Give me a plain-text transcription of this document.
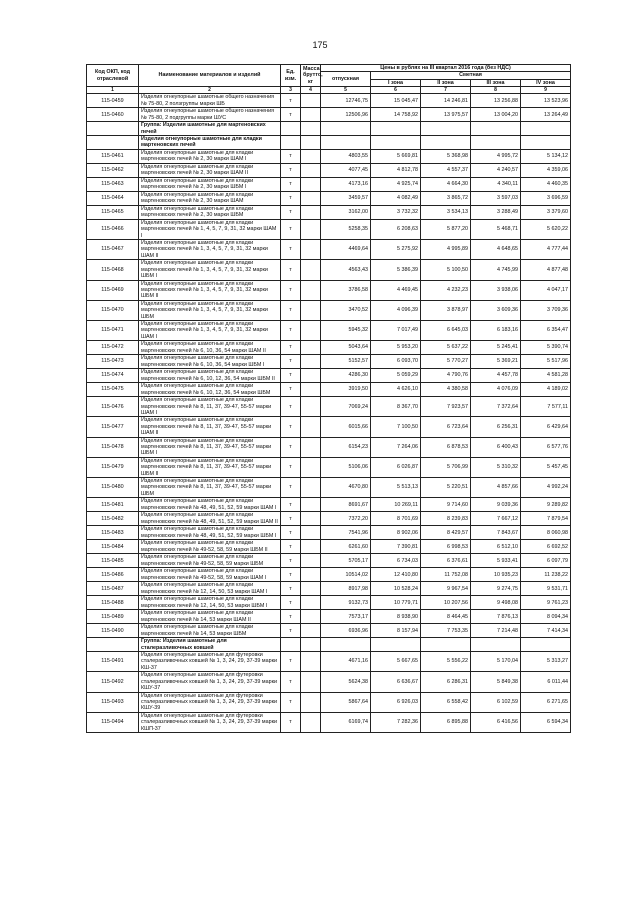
175
Код ОКП, код отраслевой	Наименование материалов и изделий	Ед. изм.	Масса брутто, кг	Цены в рублях на III квартал 2016 года (без НДС)				
				отпускная	Сметная			
					I зона	II зона	III зона	IV зона
1	2	3	4	5	6	7	8	9
115-0459	Изделия огнеупорные шамотные общего назначения № 75-80, 2 ползгруппы марки ШБ	т		12746,75	15 045,47	14 246,81	13 256,88	13 523,96
115-0460	Изделия огнеупорные шамотные общего назначения № 75-80, 2 подгруппы марки ШУС	т		12506,96	14 758,92	13 975,57	13 004,20	13 264,49
	Группа: Изделия шамотные для мартеновских печей							
	Изделия огнеупорные шамотные для кладки мартеновских печей							
115-0461	Изделия огнеупорные шамотные для кладки мартеновских печей № 2, 30 марки ШАМ I	т		4803,55	5 669,81	5 368,98	4 995,72	5 134,12
115-0462	Изделия огнеупорные шамотные для кладки мартеновских печей № 2, 30 марки ШАМ II	т		4077,45	4 812,78	4 557,37	4 240,57	4 359,06
115-0463	Изделия огнеупорные шамотные для кладки мартеновских печей № 2, 30 марки ШБМ I	т		4173,16	4 925,74	4 664,30	4 340,11	4 460,35
115-0464	Изделия огнеупорные шамотные для кладки мартеновских печей № 2, 30 марки ШАМ	т		3459,57	4 082,49	3 865,72	3 597,03	3 696,59
115-0465	Изделия огнеупорные шамотные для кладки мартеновских печей № 2, 30 марки ШБМ	т		3162,00	3 732,32	3 534,13	3 288,49	3 379,60
115-0466	Изделия огнеупорные шамотные для кладки мартеновских печей № 1, 4, 5, 7, 9, 31, 32 марки ШАМ I	т		5258,35	6 208,63	5 877,20	5 468,71	5 620,22
115-0467	Изделия огнеупорные шамотные для кладки мартеновских печей № 1, 3, 4, 5, 7, 9, 31, 32 марки ШАМ II	т		4469,64	5 275,92	4 995,89	4 648,65	4 777,44
115-0468	Изделия огнеупорные шамотные для кладки мартеновских печей № 1, 3, 4, 5, 7, 9, 31, 32 марки ШБМ I	т		4563,43	5 386,39	5 100,50	4 745,99	4 877,48
115-0469	Изделия огнеупорные шамотные для кладки мартеновских печей № 1, 3, 4, 5, 7, 9, 31, 32 марки ШБМ II	т		3786,58	4 469,45	4 232,23	3 938,06	4 047,17
115-0470	Изделия огнеупорные шамотные для кладки мартеновских печей № 1, 3, 4, 5, 7, 9, 31, 32 марки ШБМ	т		3470,52	4 096,39	3 878,97	3 609,36	3 709,36
115-0471	Изделия огнеупорные шамотные для кладки мартеновских печей № 1, 3, 4, 5, 7, 9, 31, 32 марки ШАМ I	т		5945,32	7 017,49	6 645,03	6 183,16	6 354,47
115-0472	Изделия огнеупорные шамотные для кладки мартеновских печей № 6, 10, 36, 54 марки ШАМ II	т		5043,64	5 953,20	5 637,22	5 245,41	5 390,74
115-0473	Изделия огнеупорные шамотные для кладки мартеновских печей № 6, 10, 36, 54 марки ШБМ I	т		5152,57	6 093,70	5 770,27	5 369,21	5 517,96
115-0474	Изделия огнеупорные шамотные для кладки мартеновских печей № 6, 10, 12, 36, 54 марки ШБМ II	т		4286,30	5 059,29	4 790,76	4 457,78	4 581,28
115-0475	Изделия огнеупорные шамотные для кладки мартеновских печей № 6, 10, 12, 36, 54 марки ШБМ	т		3919,50	4 626,10	4 380,58	4 076,09	4 189,02
115-0476	Изделия огнеупорные шамотные для кладки мартеновских печей № 8, 11, 37, 39-47, 55-57 марки ШАМ I	т		7069,24	8 367,70	7 923,57	7 372,64	7 577,11
115-0477	Изделия огнеупорные шамотные для кладки мартеновских печей № 8, 11, 37, 39-47, 55-57 марки ШАМ II	т		6015,66	7 100,50	6 723,64	6 256,31	6 429,64
115-0478	Изделия огнеупорные шамотные для кладки мартеновских печей № 8, 11, 37, 39-47, 55-57 марки ШБМ I	т		6154,23	7 264,06	6 878,53	6 400,43	6 577,76
115-0479	Изделия огнеупорные шамотные для кладки мартеновских печей № 8, 11, 37, 39-47, 55-57 марки ШБМ II	т		5106,06	6 026,87	5 706,99	5 310,32	5 457,45
115-0480	Изделия огнеупорные шамотные для кладки мартеновских печей № 8, 11, 37, 39-47, 55-57 марки ШБМ	т		4670,80	5 513,13	5 220,51	4 857,66	4 992,24
115-0481	Изделия огнеупорные шамотные для кладки мартеновских печей № 48, 49, 51, 52, 59 марки ШАМ I	т		8691,67	10 269,11	9 714,60	9 039,36	9 289,82
115-0482	Изделия огнеупорные шамотные для кладки мартеновских печей № 48, 49, 51, 52, 59 марки ШАМ II	т		7372,20	8 701,69	8 239,83	7 667,12	7 879,54
115-0483	Изделия огнеупорные шамотные для кладки мартеновских печей № 48, 49, 51, 52, 59 марки ШБМ I	т		7541,96	8 902,06	8 429,57	7 843,67	8 060,98
115-0484	Изделия огнеупорные шамотные для кладки мартеновских печей № 49-52, 58, 59 марки ШБМ II	т		6261,60	7 390,81	6 998,53	6 512,10	6 692,52
115-0485	Изделия огнеупорные шамотные для кладки мартеновских печей № 49-52, 58, 59 марки ШБМ	т		5705,17	6 734,03	6 376,61	5 933,41	6 097,79
115-0486	Изделия огнеупорные шамотные для кладки мартеновских печей № 49-52, 58, 59 марки ШАМ I	т		10514,02	12 410,80	11 752,08	10 935,23	11 238,22
115-0487	Изделия огнеупорные шамотные для кладки мартеновских печей № 12, 14, 50, 53 марки ШАМ I	т		8917,98	10 528,24	9 967,54	9 274,75	9 531,71
115-0488	Изделия огнеупорные шамотные для кладки мартеновских печей № 12, 14, 50, 53 марки ШБМ I	т		9132,73	10 779,71	10 207,56	9 498,08	9 761,23
115-0489	Изделия огнеупорные шамотные для кладки мартеновских печей № 14, 53 марки ШАМ II	т		7573,17	8 938,90	8 464,45	7 876,13	8 094,34
115-0490	Изделия огнеупорные шамотные для кладки мартеновских печей № 14, 53 марки ШБМ	т		6936,96	8 157,94	7 753,35	7 214,48	7 414,34
	Группа: Изделия шамотные для сталеразливочных ковшей							
115-0491	Изделия огнеупорные шамотные для футеровки сталеразливочных ковшей № 1, 3, 24, 29, 37-39 марки КШ-37	т		4671,16	5 667,65	5 556,22	5 170,04	5 313,27
115-0492	Изделия огнеупорные шамотные для футеровки сталеразливочных ковшей № 1, 3, 24, 29, 37-39 марки КШУ-37	т		5624,38	6 636,67	6 286,31	5 849,38	6 011,44
115-0493	Изделия огнеупорные шамотные для футеровки сталеразливочных ковшей № 1, 3, 24, 29, 37-39 марки КШУ-39	т		5867,64	6 926,03	6 558,42	6 102,59	6 271,65
115-0494	Изделия огнеупорные шамотные для футеровки сталеразливочных ковшей № 1, 3, 24, 29, 37-39 марки КШП-37	т		6169,74	7 282,36	6 895,88	6 416,56	6 594,34
